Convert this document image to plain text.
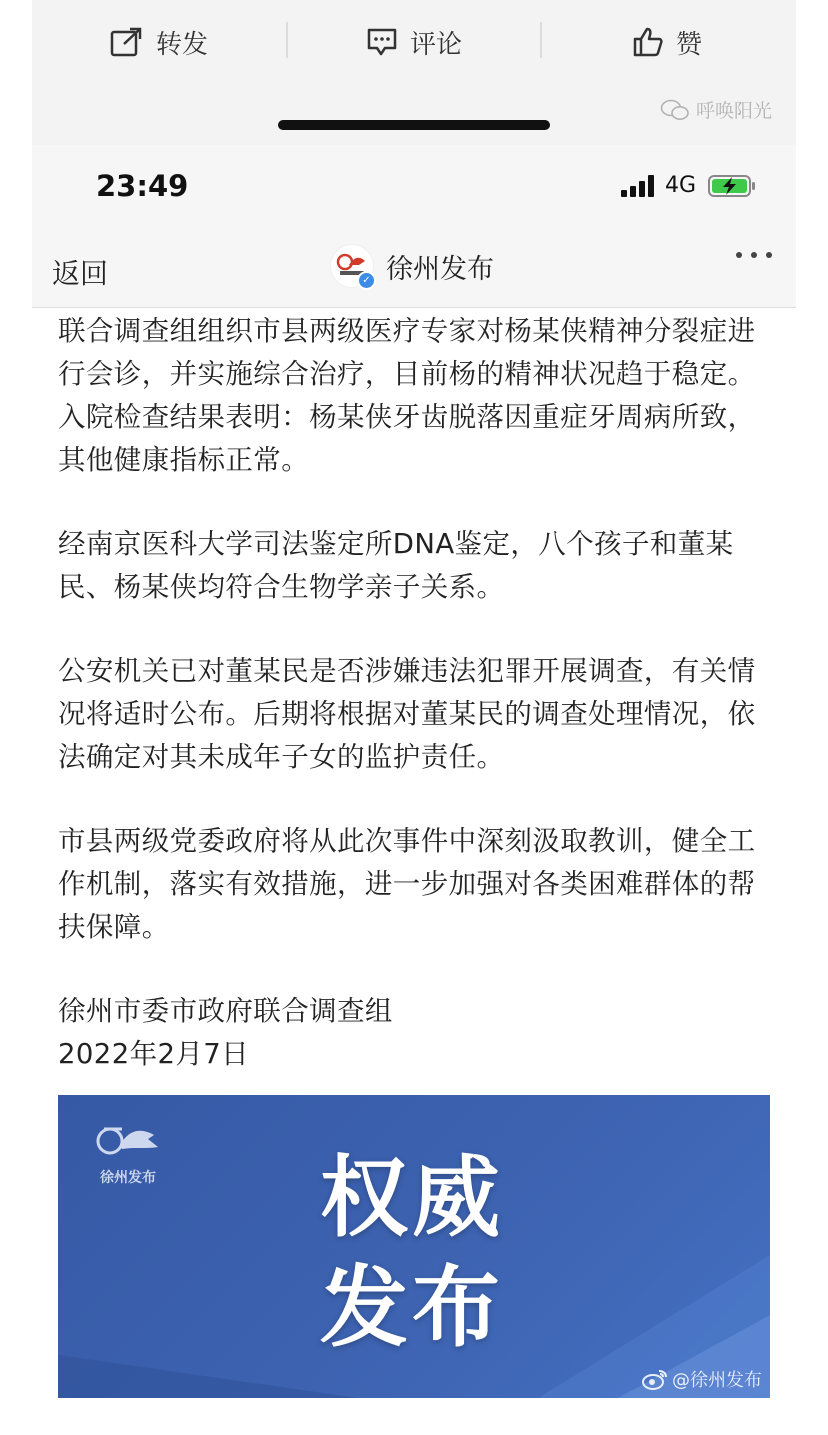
转发	评论	赞
呼唤阳光
23:49	4G
返回	✓ 徐州发布

联合调查组组织市县两级医疗专家对杨某侠精神分裂症进行会诊，并实施综合治疗，目前杨的精神状况趋于稳定。入院检查结果表明：杨某侠牙齿脱落因重症牙周病所致，其他健康指标正常。

经南京医科大学司法鉴定所DNA鉴定，八个孩子和董某民、杨某侠均符合生物学亲子关系。

公安机关已对董某民是否涉嫌违法犯罪开展调查，有关情况将适时公布。后期将根据对董某民的调查处理情况，依法确定对其未成年子女的监护责任。

市县两级党委政府将从此次事件中深刻汲取教训，健全工作机制，落实有效措施，进一步加强对各类困难群体的帮扶保障。

徐州市委市政府联合调查组

2022年2月7日

徐州发布 权威
发布
@徐州发布
